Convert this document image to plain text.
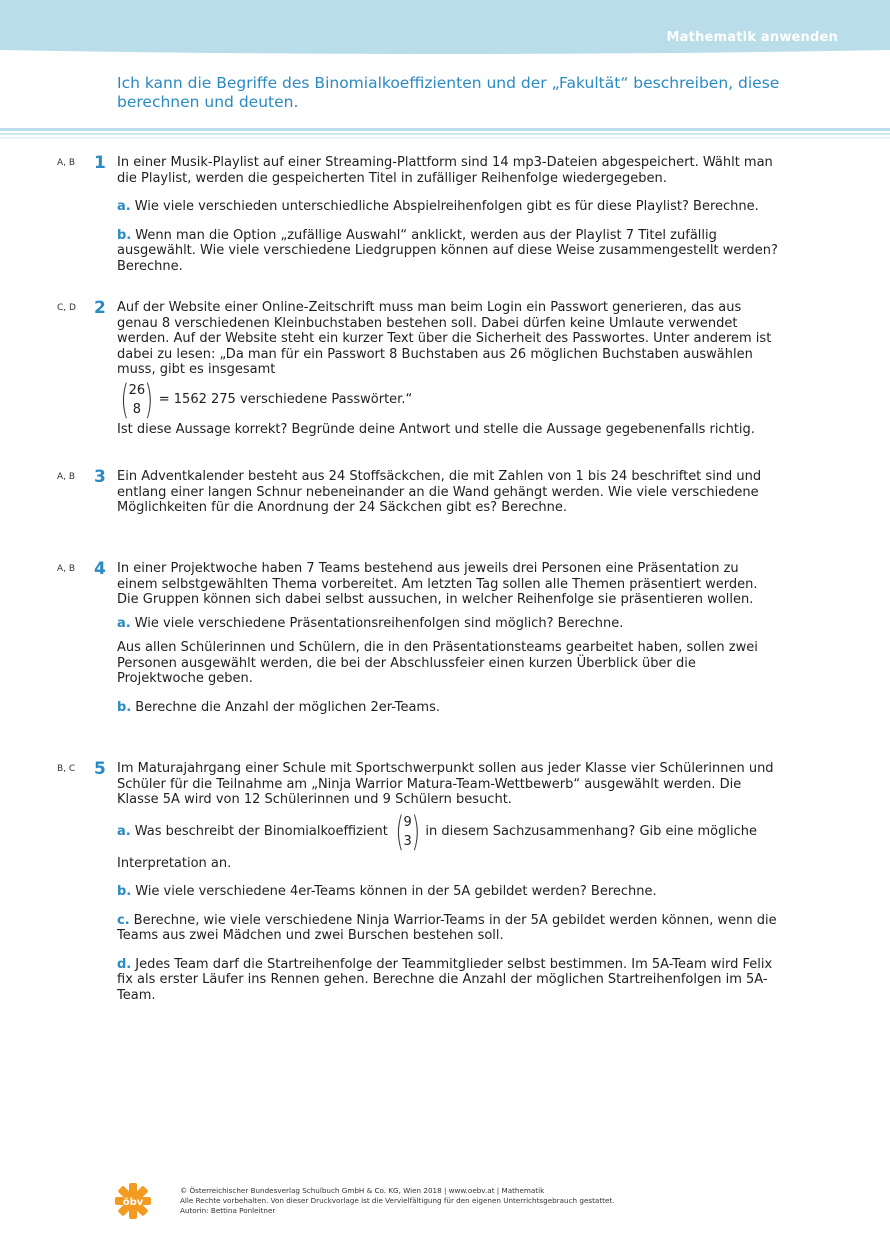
Mathematik anwenden
Ich kann die Begriffe des Binomialkoeffizienten und der „Fakultät“ beschreiben, diese berechnen und deuten.
A, B 1 In einer Musik-Playlist auf einer Streaming-Plattform sind 14 mp3-Dateien abgespeichert. Wählt man die Playlist, werden die gespeicherten Titel in zufälliger Reihenfolge wiedergegeben.

a. Wie viele verschieden unterschiedliche Abspielreihenfolgen gibt es für diese Playlist? Berechne.

b. Wenn man die Option „zufällige Auswahl“ anklickt, werden aus der Playlist 7 Titel zufällig ausgewählt. Wie viele verschiedene Liedgruppen können auf diese Weise zusammengestellt werden? Berechne.

C, D 2 Auf der Website einer Online-Zeitschrift muss man beim Login ein Passwort generieren, das aus genau 8 verschiedenen Kleinbuchstaben bestehen soll. Dabei dürfen keine Umlaute verwendet werden. Auf der Website steht ein kurzer Text über die Sicherheit des Passwortes. Unter anderem ist dabei zu lesen: „Da man für ein Passwort 8 Buchstaben aus 26 möglichen Buchstaben auswählen muss, gibt es insgesamt

( 26
8 ) = 1562 275 verschiedene Passwörter.“

Ist diese Aussage korrekt? Begründe deine Antwort und stelle die Aussage gegebenenfalls richtig.

A, B 3 Ein Adventkalender besteht aus 24 Stoffsäckchen, die mit Zahlen von 1 bis 24 beschriftet sind und entlang einer langen Schnur nebeneinander an die Wand gehängt werden. Wie viele verschiedene Möglichkeiten für die Anordnung der 24 Säckchen gibt es? Berechne.

A, B 4 In einer Projektwoche haben 7 Teams bestehend aus jeweils drei Personen eine Präsentation zu einem selbstgewählten Thema vorbereitet. Am letzten Tag sollen alle Themen präsentiert werden. Die Gruppen können sich dabei selbst aussuchen, in welcher Reihenfolge sie präsentieren wollen.

a. Wie viele verschiedene Präsentationsreihenfolgen sind möglich? Berechne.

Aus allen Schülerinnen und Schülern, die in den Präsentationsteams gearbeitet haben, sollen zwei Personen ausgewählt werden, die bei der Abschlussfeier einen kurzen Überblick über die Projektwoche geben.

b. Berechne die Anzahl der möglichen 2er-Teams.

B, C 5 Im Maturajahrgang einer Schule mit Sportschwerpunkt sollen aus jeder Klasse vier Schülerinnen und Schüler für die Teilnahme am „Ninja Warrior Matura-Team-Wettbewerb“ ausgewählt werden. Die Klasse 5A wird von 12 Schülerinnen und 9 Schülern besucht.

a. Was beschreibt der Binomialkoeffizient ( 9
3 ) in diesem Sachzusammenhang? Gib eine mögliche

Interpretation an.

b. Wie viele verschiedene 4er-Teams können in der 5A gebildet werden? Berechne.

c. Berechne, wie viele verschiedene Ninja Warrior-Teams in der 5A gebildet werden können, wenn die Teams aus zwei Mädchen und zwei Burschen bestehen soll.

d. Jedes Team darf die Startreihenfolge der Teammitglieder selbst bestimmen. Im 5A-Team wird Felix fix als erster Läufer ins Rennen gehen. Berechne die Anzahl der möglichen Startreihenfolgen im 5A-Team.

öbv
© Österreichischer Bundesverlag Schulbuch GmbH & Co. KG, Wien 2018 | www.oebv.at | Mathematik
Alle Rechte vorbehalten. Von dieser Druckvorlage ist die Vervielfältigung für den eigenen Unterrichtsgebrauch gestattet.
Autorin: Bettina Ponleitner
